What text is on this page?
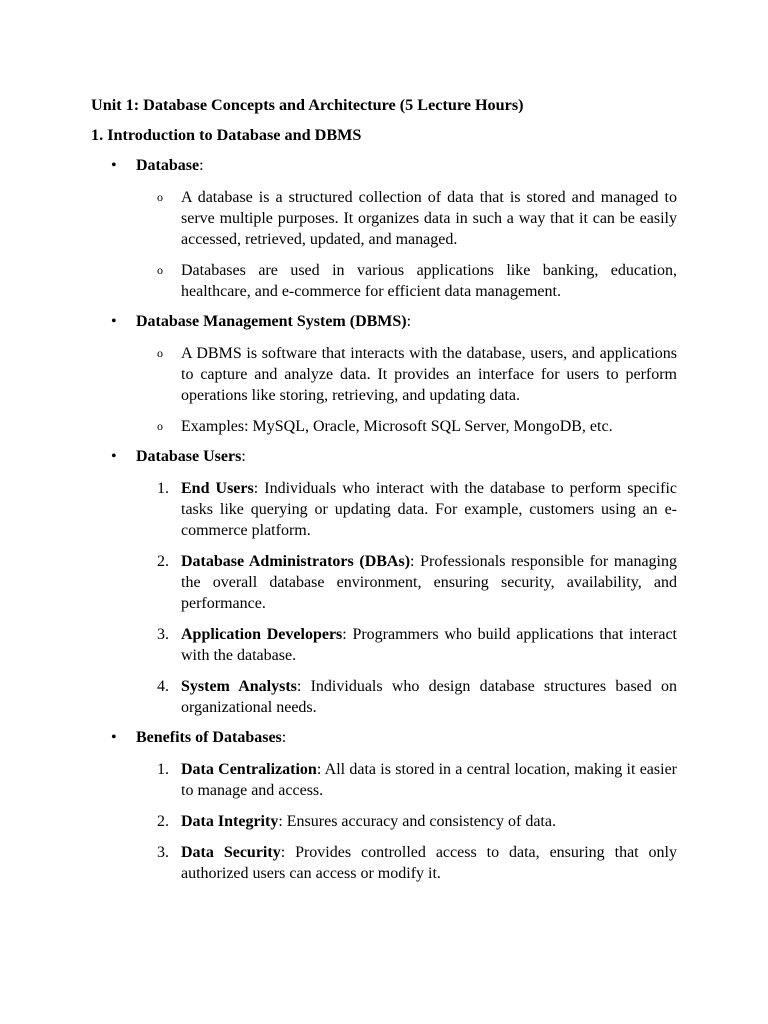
Unit 1: Database Concepts and Architecture (5 Lecture Hours)
1. Introduction to Database and DBMS
• Database:
o A database is a structured collection of data that is stored and managed to serve multiple purposes. It organizes data in such a way that it can be easily accessed, retrieved, updated, and managed.
o Databases are used in various applications like banking, education, healthcare, and e-commerce for efficient data management.
• Database Management System (DBMS):
o A DBMS is software that interacts with the database, users, and applications to capture and analyze data. It provides an interface for users to perform operations like storing, retrieving, and updating data.
o Examples: MySQL, Oracle, Microsoft SQL Server, MongoDB, etc.
• Database Users:
1. End Users: Individuals who interact with the database to perform specific tasks like querying or updating data. For example, customers using an e-commerce platform.
2. Database Administrators (DBAs): Professionals responsible for managing the overall database environment, ensuring security, availability, and performance.
3. Application Developers: Programmers who build applications that interact with the database.
4. System Analysts: Individuals who design database structures based on organizational needs.
• Benefits of Databases:
1. Data Centralization: All data is stored in a central location, making it easier to manage and access.
2. Data Integrity: Ensures accuracy and consistency of data.
3. Data Security: Provides controlled access to data, ensuring that only authorized users can access or modify it.
